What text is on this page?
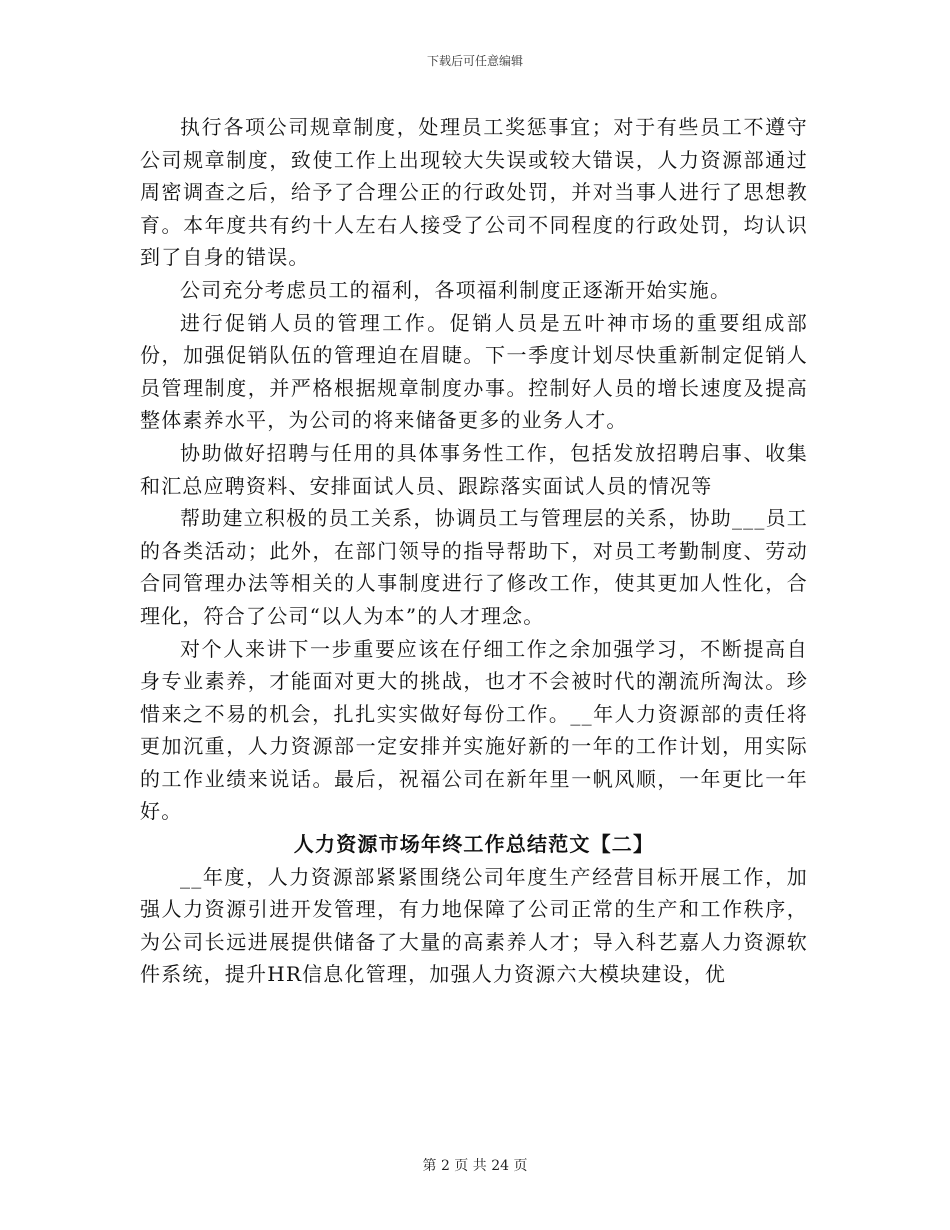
下载后可任意编辑

执行各项公司规章制度，处理员工奖惩事宜；对于有些员工不遵守公司规章制度，致使工作上出现较大失误或较大错误，人力资源部通过周密调查之后，给予了合理公正的行政处罚，并对当事人进行了思想教育。本年度共有约十人左右人接受了公司不同程度的行政处罚，均认识到了自身的错误。

公司充分考虑员工的福利，各项福利制度正逐渐开始实施。

进行促销人员的管理工作。促销人员是五叶神市场的重要组成部份，加强促销队伍的管理迫在眉睫。下一季度计划尽快重新制定促销人员管理制度，并严格根据规章制度办事。控制好人员的增长速度及提高整体素养水平，为公司的将来储备更多的业务人才。

协助做好招聘与任用的具体事务性工作，包括发放招聘启事、收集和汇总应聘资料、安排面试人员、跟踪落实面试人员的情况等

帮助建立积极的员工关系，协调员工与管理层的关系，协助___员工的各类活动；此外，在部门领导的指导帮助下，对员工考勤制度、劳动合同管理办法等相关的人事制度进行了修改工作，使其更加人性化，合理化，符合了公司“以人为本”的人才理念。

对个人来讲下一步重要应该在仔细工作之余加强学习，不断提高自身专业素养，才能面对更大的挑战，也才不会被时代的潮流所淘汰。珍惜来之不易的机会，扎扎实实做好每份工作。__年人力资源部的责任将更加沉重，人力资源部一定安排并实施好新的一年的工作计划，用实际的工作业绩来说话。最后，祝福公司在新年里一帆风顺，一年更比一年好。

人力资源市场年终工作总结范文【二】

__年度，人力资源部紧紧围绕公司年度生产经营目标开展工作，加强人力资源引进开发管理，有力地保障了公司正常的生产和工作秩序，为公司长远进展提供储备了大量的高素养人才；导入科艺嘉人力资源软件系统，提升HR信息化管理，加强人力资源六大模块建设，优

第 2 页 共 24 页
